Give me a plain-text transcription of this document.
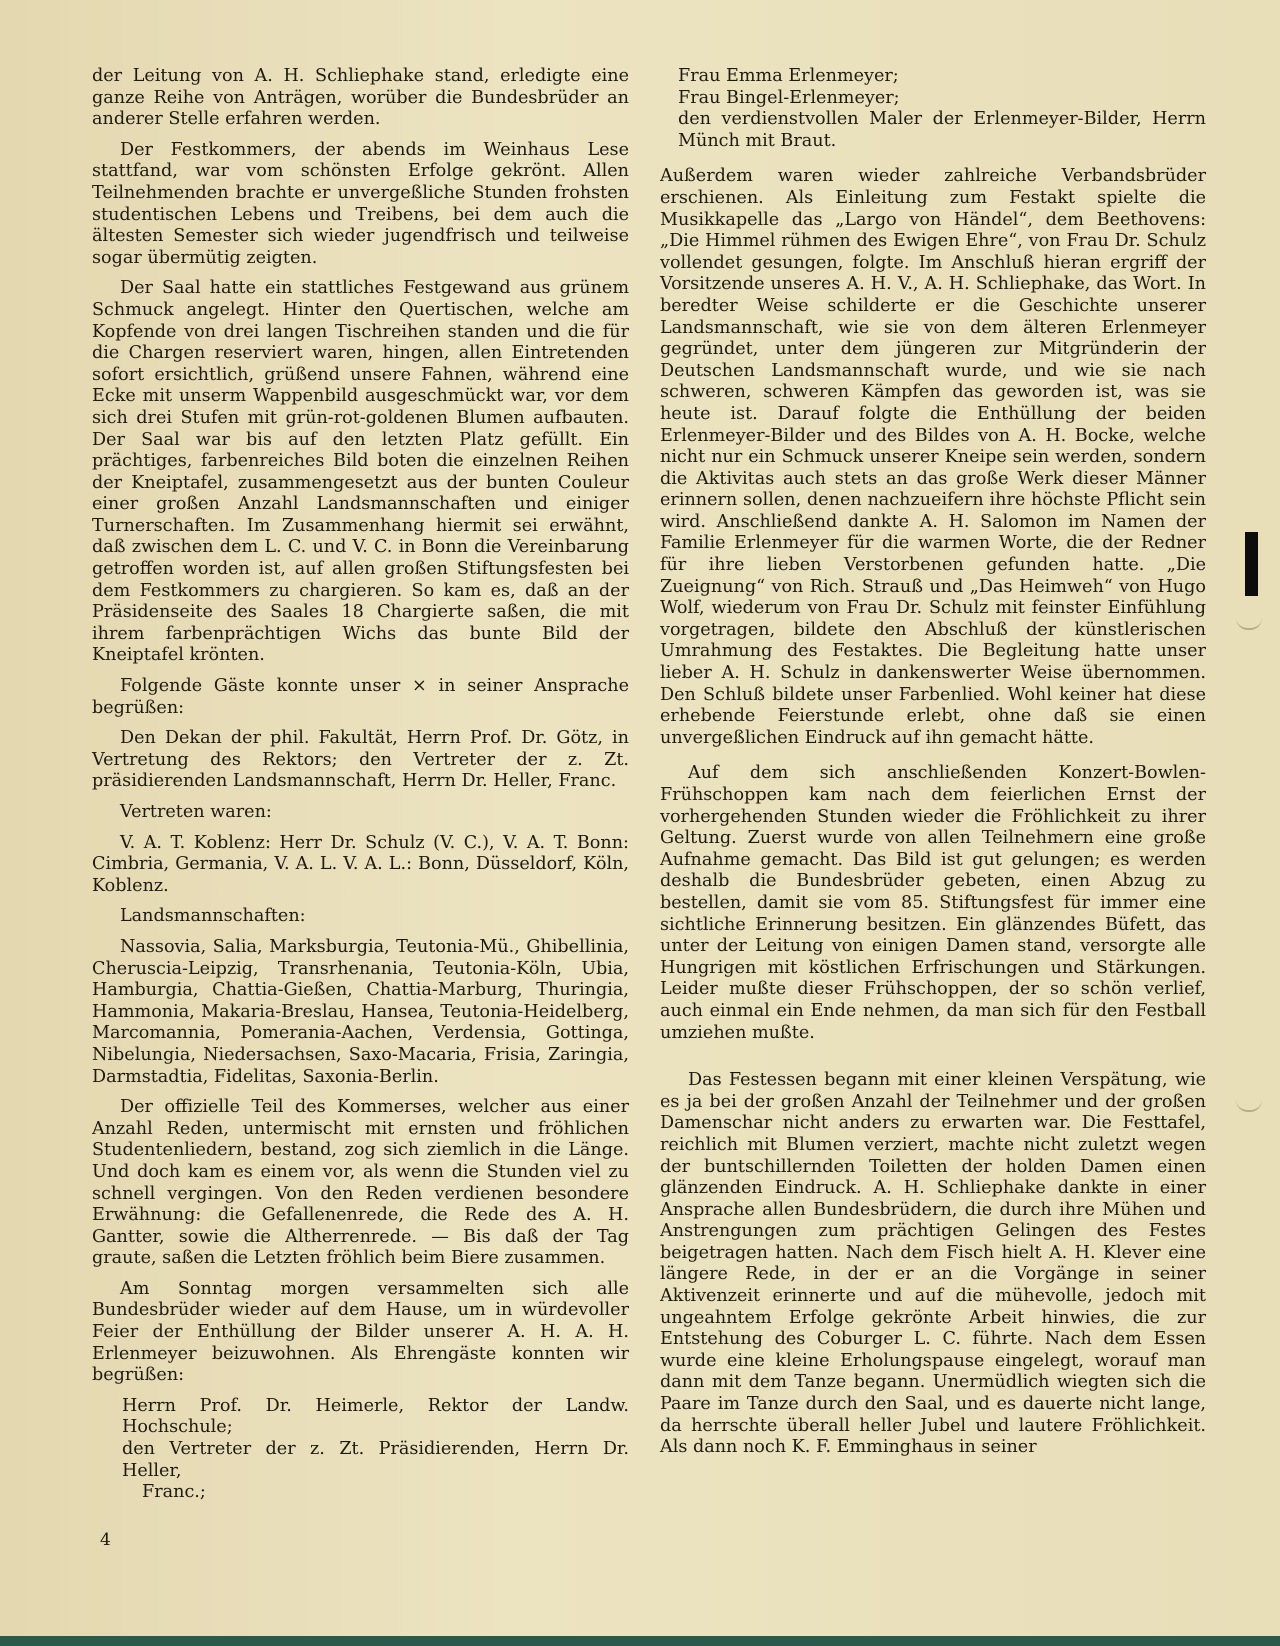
der Leitung von A. H. Schliephake stand, erledigte eine ganze Reihe von Anträgen, worüber die Bundesbrüder an anderer Stelle erfahren werden.

Der Festkommers, der abends im Weinhaus Lese stattfand, war vom schönsten Erfolge gekrönt. Allen Teilnehmenden brachte er unvergeßliche Stunden frohsten studentischen Lebens und Treibens, bei dem auch die ältesten Semester sich wieder jugendfrisch und teilweise sogar übermütig zeigten.

Der Saal hatte ein stattliches Festgewand aus grünem Schmuck angelegt. Hinter den Quertischen, welche am Kopfende von drei langen Tischreihen standen und die für die Chargen reserviert waren, hingen, allen Eintretenden sofort ersichtlich, grüßend unsere Fahnen, während eine Ecke mit unserm Wappenbild ausgeschmückt war, vor dem sich drei Stufen mit grün-rot-goldenen Blumen aufbauten. Der Saal war bis auf den letzten Platz gefüllt. Ein prächtiges, farbenreiches Bild boten die einzelnen Reihen der Kneiptafel, zusammengesetzt aus der bunten Couleur einer großen Anzahl Landsmannschaften und einiger Turnerschaften. Im Zusammenhang hiermit sei erwähnt, daß zwischen dem L. C. und V. C. in Bonn die Vereinbarung getroffen worden ist, auf allen großen Stiftungsfesten bei dem Festkommers zu chargieren. So kam es, daß an der Präsidenseite des Saales 18 Chargierte saßen, die mit ihrem farbenprächtigen Wichs das bunte Bild der Kneiptafel krönten.

Folgende Gäste konnte unser × in seiner Ansprache begrüßen:

Den Dekan der phil. Fakultät, Herrn Prof. Dr. Götz, in Vertretung des Rektors; den Vertreter der z. Zt. präsidierenden Landsmannschaft, Herrn Dr. Heller, Franc.

Vertreten waren:

V. A. T. Koblenz: Herr Dr. Schulz (V. C.), V. A. T. Bonn: Cimbria, Germania, V. A. L. V. A. L.: Bonn, Düsseldorf, Köln, Koblenz.

Landsmannschaften:

Nassovia, Salia, Marksburgia, Teutonia-Mü., Ghibellinia, Cheruscia-Leipzig, Transrhenania, Teutonia-Köln, Ubia, Hamburgia, Chattia-Gießen, Chattia-Marburg, Thuringia, Hammonia, Makaria-Breslau, Hansea, Teutonia-Heidelberg, Marcomannia, Pomerania-Aachen, Verdensia, Gottinga, Nibelungia, Niedersachsen, Saxo-Macaria, Frisia, Zaringia, Darmstadtia, Fidelitas, Saxonia-Berlin.

Der offizielle Teil des Kommerses, welcher aus einer Anzahl Reden, untermischt mit ernsten und fröhlichen Studentenliedern, bestand, zog sich ziemlich in die Länge. Und doch kam es einem vor, als wenn die Stunden viel zu schnell vergingen. Von den Reden verdienen besondere Erwähnung: die Gefallenenrede, die Rede des A. H. Gantter, sowie die Altherrenrede. — Bis daß der Tag graute, saßen die Letzten fröhlich beim Biere zusammen.

Am Sonntag morgen versammelten sich alle Bundesbrüder wieder auf dem Hause, um in würdevoller Feier der Enthüllung der Bilder unserer A. H. A. H. Erlenmeyer beizuwohnen. Als Ehrengäste konnten wir begrüßen:

Herrn Prof. Dr. Heimerle, Rektor der Landw. Hochschule;

den Vertreter der z. Zt. Präsidierenden, Herrn Dr. Heller,

Franc.;

Frau Emma Erlenmeyer;

Frau Bingel-Erlenmeyer;

den verdienstvollen Maler der Erlenmeyer-Bilder, Herrn Münch mit Braut.

Außerdem waren wieder zahlreiche Verbandsbrüder erschienen. Als Einleitung zum Festakt spielte die Musikkapelle das „Largo von Händel“, dem Beethovens: „Die Himmel rühmen des Ewigen Ehre“, von Frau Dr. Schulz vollendet gesungen, folgte. Im Anschluß hieran ergriff der Vorsitzende unseres A. H. V., A. H. Schliephake, das Wort. In beredter Weise schilderte er die Geschichte unserer Landsmannschaft, wie sie von dem älteren Erlenmeyer gegründet, unter dem jüngeren zur Mitgründerin der Deutschen Landsmannschaft wurde, und wie sie nach schweren, schweren Kämpfen das geworden ist, was sie heute ist. Darauf folgte die Enthüllung der beiden Erlenmeyer-Bilder und des Bildes von A. H. Bocke, welche nicht nur ein Schmuck unserer Kneipe sein werden, sondern die Aktivitas auch stets an das große Werk dieser Männer erinnern sollen, denen nachzueifern ihre höchste Pflicht sein wird. Anschließend dankte A. H. Salomon im Namen der Familie Erlenmeyer für die warmen Worte, die der Redner für ihre lieben Verstorbenen gefunden hatte. „Die Zueignung“ von Rich. Strauß und „Das Heimweh“ von Hugo Wolf, wiederum von Frau Dr. Schulz mit feinster Einfühlung vorgetragen, bildete den Abschluß der künstlerischen Umrahmung des Festaktes. Die Begleitung hatte unser lieber A. H. Schulz in dankenswerter Weise übernommen. Den Schluß bildete unser Farbenlied. Wohl keiner hat diese erhebende Feierstunde erlebt, ohne daß sie einen unvergeßlichen Eindruck auf ihn gemacht hätte.

Auf dem sich anschließenden Konzert-Bowlen-Frühschoppen kam nach dem feierlichen Ernst der vorhergehenden Stunden wieder die Fröhlichkeit zu ihrer Geltung. Zuerst wurde von allen Teilnehmern eine große Aufnahme gemacht. Das Bild ist gut gelungen; es werden deshalb die Bundesbrüder gebeten, einen Abzug zu bestellen, damit sie vom 85. Stiftungsfest für immer eine sichtliche Erinnerung besitzen. Ein glänzendes Büfett, das unter der Leitung von einigen Damen stand, versorgte alle Hungrigen mit köstlichen Erfrischungen und Stärkungen. Leider mußte dieser Frühschoppen, der so schön verlief, auch einmal ein Ende nehmen, da man sich für den Festball umziehen mußte.

Das Festessen begann mit einer kleinen Verspätung, wie es ja bei der großen Anzahl der Teilnehmer und der großen Damenschar nicht anders zu erwarten war. Die Festtafel, reichlich mit Blumen verziert, machte nicht zuletzt wegen der buntschillernden Toiletten der holden Damen einen glänzenden Eindruck. A. H. Schliephake dankte in einer Ansprache allen Bundesbrüdern, die durch ihre Mühen und Anstrengungen zum prächtigen Gelingen des Festes beigetragen hatten. Nach dem Fisch hielt A. H. Klever eine längere Rede, in der er an die Vorgänge in seiner Aktivenzeit erinnerte und auf die mühevolle, jedoch mit ungeahntem Erfolge gekrönte Arbeit hinwies, die zur Entstehung des Coburger L. C. führte. Nach dem Essen wurde eine kleine Erholungspause eingelegt, worauf man dann mit dem Tanze begann. Unermüdlich wiegten sich die Paare im Tanze durch den Saal, und es dauerte nicht lange, da herrschte überall heller Jubel und lautere Fröhlichkeit. Als dann noch K. F. Emminghaus in seiner

4
